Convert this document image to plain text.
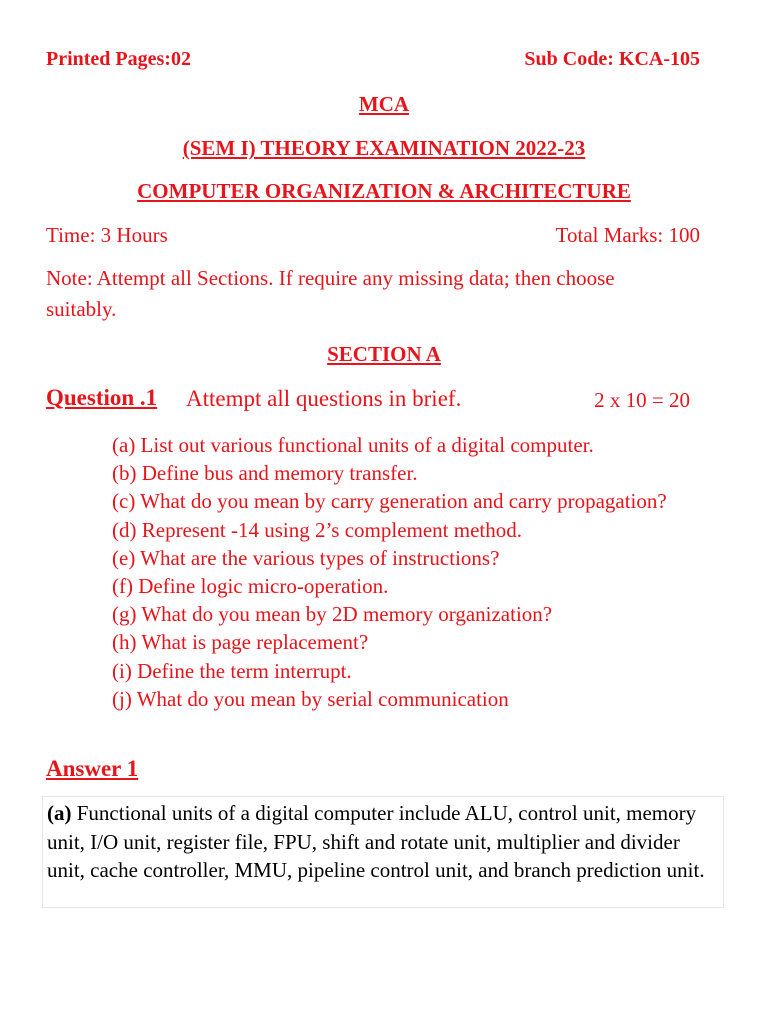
Printed Pages:02	Sub Code: KCA-105
MCA
(SEM I) THEORY EXAMINATION 2022-23
COMPUTER ORGANIZATION & ARCHITECTURE
Time: 3 Hours	Total Marks: 100
Note: Attempt all Sections. If require any missing data; then choose suitably.
SECTION A
Question .1 Attempt all questions in brief.	2 x 10 = 20
(a) List out various functional units of a digital computer.
(b) Define bus and memory transfer.
(c) What do you mean by carry generation and carry propagation?
(d) Represent -14 using 2’s complement method.
(e) What are the various types of instructions?
(f) Define logic micro-operation.
(g) What do you mean by 2D memory organization?
(h) What is page replacement?
(i) Define the term interrupt.
(j) What do you mean by serial communication
Answer 1
(a) Functional units of a digital computer include ALU, control unit, memory unit, I/O unit, register file, FPU, shift and rotate unit, multiplier and divider unit, cache controller, MMU, pipeline control unit, and branch prediction unit.
